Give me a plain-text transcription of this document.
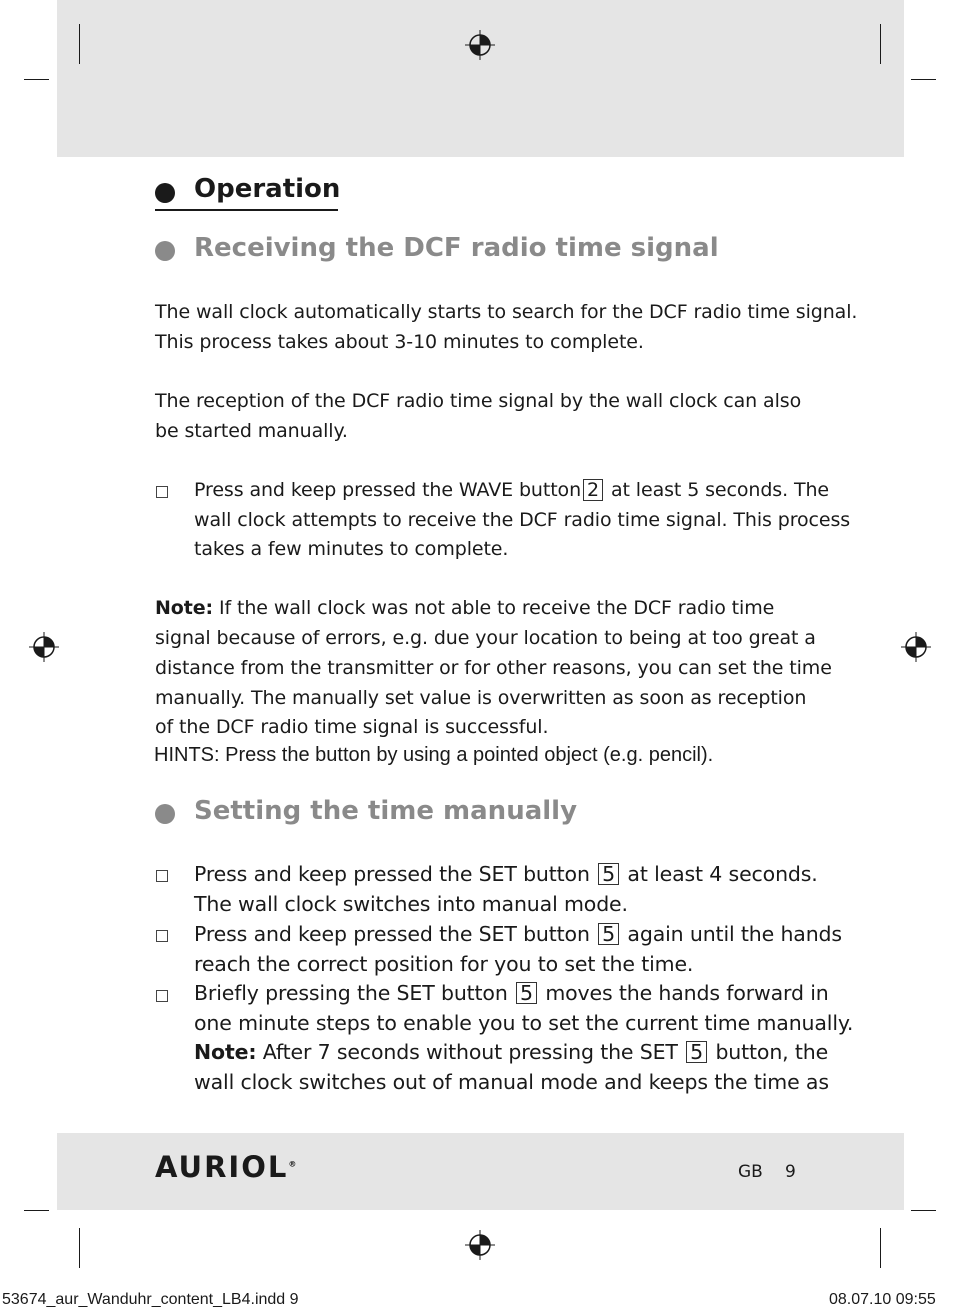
Operation
Receiving the DCF radio time signal
The wall clock automatically starts to search for the DCF radio time signal.
This process takes about 3-10 minutes to complete.
The reception of the DCF radio time signal by the wall clock can also
be started manually.
Press and keep pressed the WAVE button 2 at least 5 seconds. The
wall clock attempts to receive the DCF radio time signal. This process
takes a few minutes to complete.
Note: If the wall clock was not able to receive the DCF radio time
signal because of errors, e.g. due your location to being at too great a
distance from the transmitter or for other reasons, you can set the time
manually. The manually set value is overwritten as soon as reception
of the DCF radio time signal is successful.
HINTS: Press the button by using a pointed object (e.g. pencil).
Setting the time manually
Press and keep pressed the SET button 5 at least 4 seconds.
The wall clock switches into manual mode.
Press and keep pressed the SET button 5 again until the hands
reach the correct position for you to set the time.
Briefly pressing the SET button 5 moves the hands forward in
one minute steps to enable you to set the current time manually.
Note: After 7 seconds without pressing the SET 5 button, the
wall clock switches out of manual mode and keeps the time as
AURIOL®	GB 9
53674_aur_Wanduhr_content_LB4.indd 9	08.07.10 09:55
